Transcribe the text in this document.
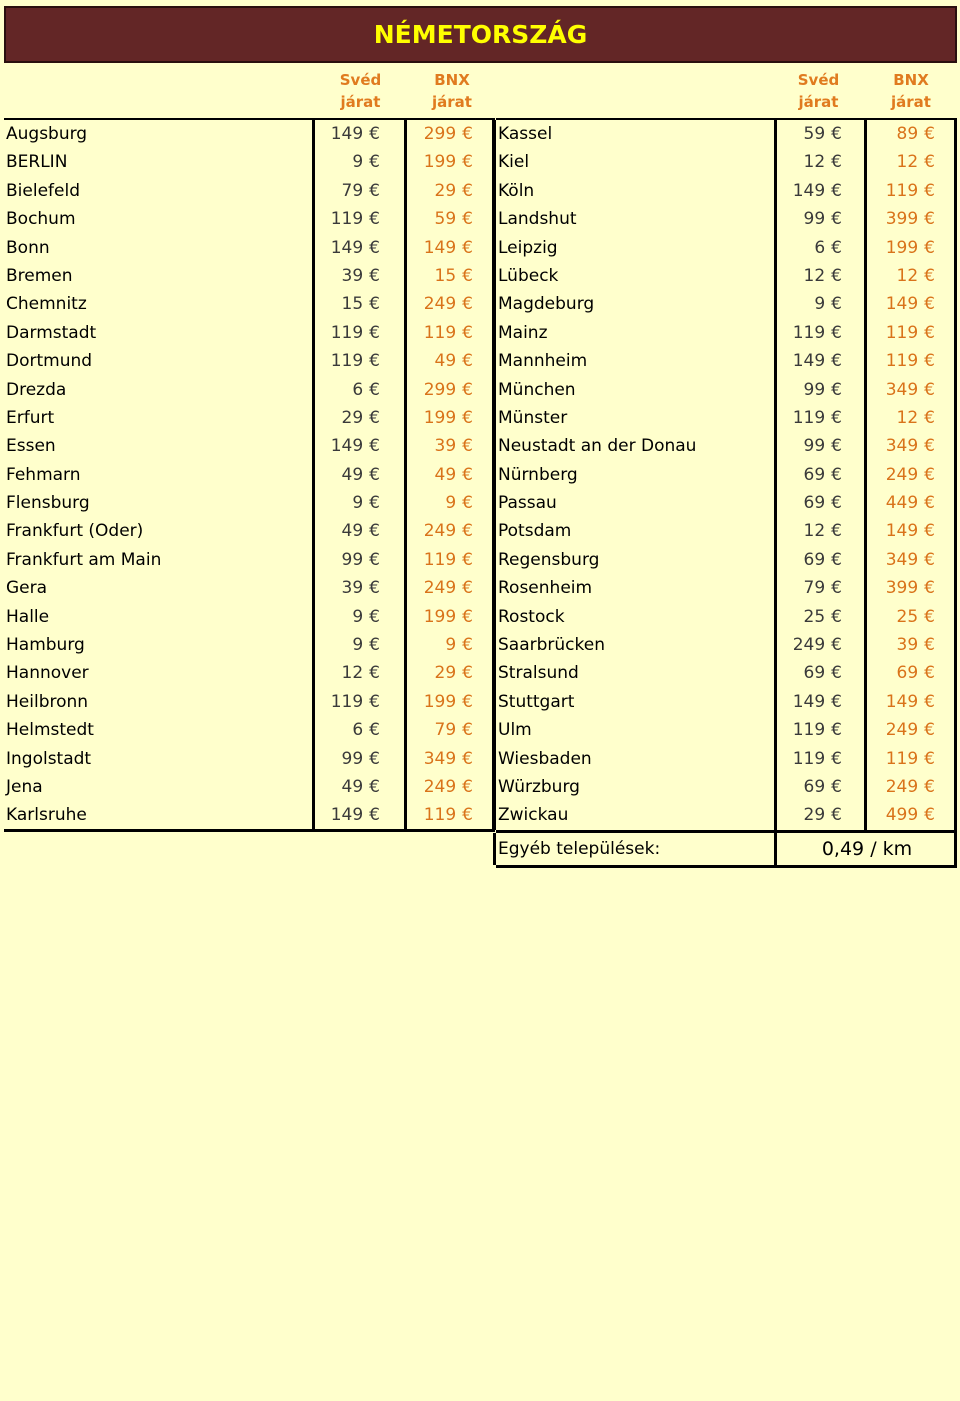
NÉMETORSZÁG
Svéd
járat
BNX
járat
Augsburg	149 €	299 €
BERLIN	9 €	199 €
Bielefeld	79 €	29 €
Bochum	119 €	59 €
Bonn	149 €	149 €
Bremen	39 €	15 €
Chemnitz	15 €	249 €
Darmstadt	119 €	119 €
Dortmund	119 €	49 €
Drezda	6 €	299 €
Erfurt	29 €	199 €
Essen	149 €	39 €
Fehmarn	49 €	49 €
Flensburg	9 €	9 €
Frankfurt (Oder)	49 €	249 €
Frankfurt am Main	99 €	119 €
Gera	39 €	249 €
Halle	9 €	199 €
Hamburg	9 €	9 €
Hannover	12 €	29 €
Heilbronn	119 €	199 €
Helmstedt	6 €	79 €
Ingolstadt	99 €	349 €
Jena	49 €	249 €
Karlsruhe	149 €	119 €
Svéd
járat
BNX
járat
Kassel	59 €	89 €
Kiel	12 €	12 €
Köln	149 €	119 €
Landshut	99 €	399 €
Leipzig	6 €	199 €
Lübeck	12 €	12 €
Magdeburg	9 €	149 €
Mainz	119 €	119 €
Mannheim	149 €	119 €
München	99 €	349 €
Münster	119 €	12 €
Neustadt an der Donau	99 €	349 €
Nürnberg	69 €	249 €
Passau	69 €	449 €
Potsdam	12 €	149 €
Regensburg	69 €	349 €
Rosenheim	79 €	399 €
Rostock	25 €	25 €
Saarbrücken	249 €	39 €
Stralsund	69 €	69 €
Stuttgart	149 €	149 €
Ulm	119 €	249 €
Wiesbaden	119 €	119 €
Würzburg	69 €	249 €
Zwickau	29 €	499 €
Egyéb települések:	0,49 / km
